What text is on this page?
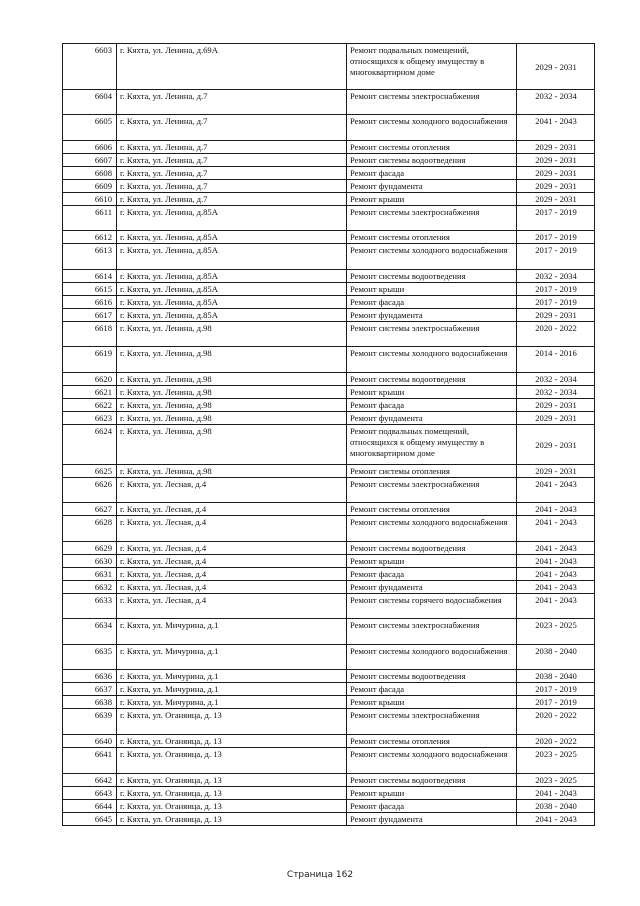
6603	г. Кяхта, ул. Ленина, д.69А	Ремонт подвальных помещений, относящихся к общему имуществу в многоквартирном доме	2029 - 2031
6604	г. Кяхта, ул. Ленина, д.7	Ремонт системы электроснабжения	2032 - 2034
6605	г. Кяхта, ул. Ленина, д.7	Ремонт системы холодного водоснабжения	2041 - 2043
6606	г. Кяхта, ул. Ленина, д.7	Ремонт системы отопления	2029 - 2031
6607	г. Кяхта, ул. Ленина, д.7	Ремонт системы водоотведения	2029 - 2031
6608	г. Кяхта, ул. Ленина, д.7	Ремонт фасада	2029 - 2031
6609	г. Кяхта, ул. Ленина, д.7	Ремонт фундамента	2029 - 2031
6610	г. Кяхта, ул. Ленина, д.7	Ремонт крыши	2029 - 2031
6611	г. Кяхта, ул. Ленина, д.85А	Ремонт системы электроснабжения	2017 - 2019
6612	г. Кяхта, ул. Ленина, д.85А	Ремонт системы отопления	2017 - 2019
6613	г. Кяхта, ул. Ленина, д.85А	Ремонт системы холодного водоснабжения	2017 - 2019
6614	г. Кяхта, ул. Ленина, д.85А	Ремонт системы водоотведения	2032 - 2034
6615	г. Кяхта, ул. Ленина, д.85А	Ремонт крыши	2017 - 2019
6616	г. Кяхта, ул. Ленина, д.85А	Ремонт фасада	2017 - 2019
6617	г. Кяхта, ул. Ленина, д.85А	Ремонт фундамента	2029 - 2031
6618	г. Кяхта, ул. Ленина, д.98	Ремонт системы электроснабжения	2020 - 2022
6619	г. Кяхта, ул. Ленина, д.98	Ремонт системы холодного водоснабжения	2014 - 2016
6620	г. Кяхта, ул. Ленина, д.98	Ремонт системы водоотведения	2032 - 2034
6621	г. Кяхта, ул. Ленина, д.98	Ремонт крыши	2032 - 2034
6622	г. Кяхта, ул. Ленина, д.98	Ремонт фасада	2029 - 2031
6623	г. Кяхта, ул. Ленина, д.98	Ремонт фундамента	2029 - 2031
6624	г. Кяхта, ул. Ленина, д.98	Ремонт подвальных помещений, относящихся к общему имуществу в многоквартирном доме	2029 - 2031
6625	г. Кяхта, ул. Ленина, д.98	Ремонт системы отопления	2029 - 2031
6626	г. Кяхта, ул. Лесная, д.4	Ремонт системы электроснабжения	2041 - 2043
6627	г. Кяхта, ул. Лесная, д.4	Ремонт системы отопления	2041 - 2043
6628	г. Кяхта, ул. Лесная, д.4	Ремонт системы холодного водоснабжения	2041 - 2043
6629	г. Кяхта, ул. Лесная, д.4	Ремонт системы водоотведения	2041 - 2043
6630	г. Кяхта, ул. Лесная, д.4	Ремонт крыши	2041 - 2043
6631	г. Кяхта, ул. Лесная, д.4	Ремонт фасада	2041 - 2043
6632	г. Кяхта, ул. Лесная, д.4	Ремонт фундамента	2041 - 2043
6633	г. Кяхта, ул. Лесная, д.4	Ремонт системы горячего водоснабжения	2041 - 2043
6634	г. Кяхта, ул. Мичурина, д.1	Ремонт системы электроснабжения	2023 - 2025
6635	г. Кяхта, ул. Мичурина, д.1	Ремонт системы холодного водоснабжения	2038 - 2040
6636	г. Кяхта, ул. Мичурина, д.1	Ремонт системы водоотведения	2038 - 2040
6637	г. Кяхта, ул. Мичурина, д.1	Ремонт фасада	2017 - 2019
6638	г. Кяхта, ул. Мичурина, д.1	Ремонт крыши	2017 - 2019
6639	г. Кяхта, ул. Оганяица, д. 13	Ремонт системы электроснабжения	2020 - 2022
6640	г. Кяхта, ул. Оганяица, д. 13	Ремонт системы отопления	2020 - 2022
6641	г. Кяхта, ул. Оганяица, д. 13	Ремонт системы холодного водоснабжения	2023 - 2025
6642	г. Кяхта, ул. Оганяица, д. 13	Ремонт системы водоотведения	2023 - 2025
6643	г. Кяхта, ул. Оганяица, д. 13	Ремонт крыши	2041 - 2043
6644	г. Кяхта, ул. Оганяица, д. 13	Ремонт фасада	2038 - 2040
6645	г. Кяхта, ул. Оганяица, д. 13	Ремонт фундамента	2041 - 2043
Страница 162
